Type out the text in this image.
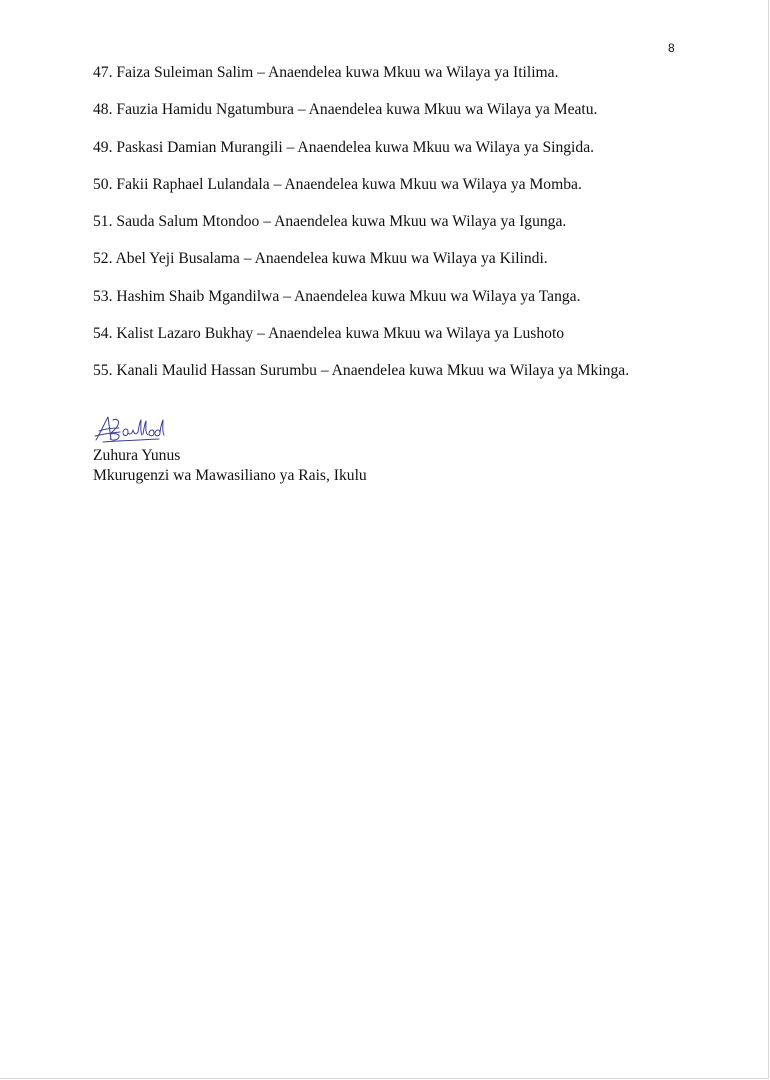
8
47. Faiza Suleiman Salim – Anaendelea kuwa Mkuu wa Wilaya ya Itilima.
48. Fauzia Hamidu Ngatumbura – Anaendelea kuwa Mkuu wa Wilaya ya Meatu.
49. Paskasi Damian Murangili – Anaendelea kuwa Mkuu wa Wilaya ya Singida.
50. Fakii Raphael Lulandala – Anaendelea kuwa Mkuu wa Wilaya ya Momba.
51. Sauda Salum Mtondoo – Anaendelea kuwa Mkuu wa Wilaya ya Igunga.
52. Abel Yeji Busalama – Anaendelea kuwa Mkuu wa Wilaya ya Kilindi.
53. Hashim Shaib Mgandilwa – Anaendelea kuwa Mkuu wa Wilaya ya Tanga.
54. Kalist Lazaro Bukhay – Anaendelea kuwa Mkuu wa Wilaya ya Lushoto
55. Kanali Maulid Hassan Surumbu – Anaendelea kuwa Mkuu wa Wilaya ya Mkinga.
Zuhura Yunus
Mkurugenzi wa Mawasiliano ya Rais, Ikulu
